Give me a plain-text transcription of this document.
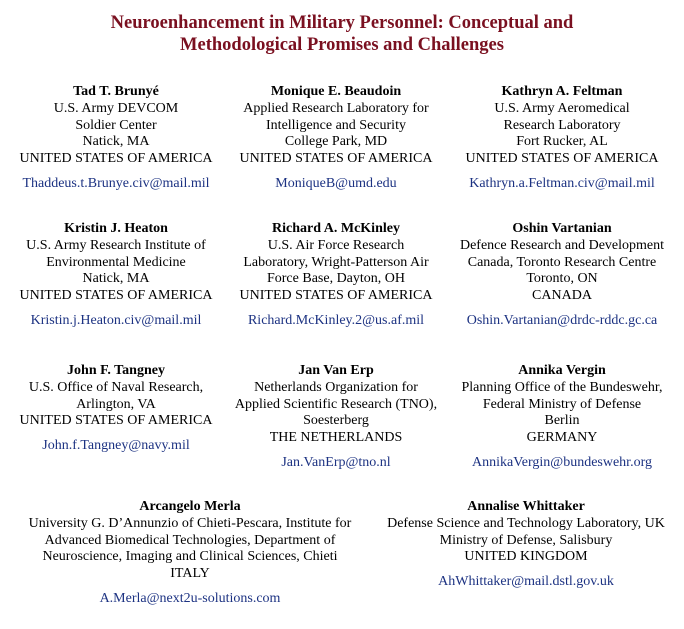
Neuroenhancement in Military Personnel: Conceptual and
Methodological Promises and Challenges
Tad T. Brunyé
U.S. Army DEVCOM
Soldier Center
Natick, MA
UNITED STATES OF AMERICA
Thaddeus.t.Brunye.civ@mail.mil
Monique E. Beaudoin
Applied Research Laboratory for
Intelligence and Security
College Park, MD
UNITED STATES OF AMERICA
MoniqueB@umd.edu
Kathryn A. Feltman
U.S. Army Aeromedical
Research Laboratory
Fort Rucker, AL
UNITED STATES OF AMERICA
Kathryn.a.Feltman.civ@mail.mil
Kristin J. Heaton
U.S. Army Research Institute of
Environmental Medicine
Natick, MA
UNITED STATES OF AMERICA
Kristin.j.Heaton.civ@mail.mil
Richard A. McKinley
U.S. Air Force Research
Laboratory, Wright-Patterson Air
Force Base, Dayton, OH
UNITED STATES OF AMERICA
Richard.McKinley.2@us.af.mil
Oshin Vartanian
Defence Research and Development
Canada, Toronto Research Centre
Toronto, ON
CANADA
Oshin.Vartanian@drdc-rddc.gc.ca
John F. Tangney
U.S. Office of Naval Research,
Arlington, VA
UNITED STATES OF AMERICA
John.f.Tangney@navy.mil
Jan Van Erp
Netherlands Organization for
Applied Scientific Research (TNO),
Soesterberg
THE NETHERLANDS
Jan.VanErp@tno.nl
Annika Vergin
Planning Office of the Bundeswehr,
Federal Ministry of Defense
Berlin
GERMANY
AnnikaVergin@bundeswehr.org
Arcangelo Merla
University G. D’Annunzio of Chieti-Pescara, Institute for
Advanced Biomedical Technologies, Department of
Neuroscience, Imaging and Clinical Sciences, Chieti
ITALY
A.Merla@next2u-solutions.com
Annalise Whittaker
Defense Science and Technology Laboratory, UK
Ministry of Defense, Salisbury
UNITED KINGDOM
AhWhittaker@mail.dstl.gov.uk
